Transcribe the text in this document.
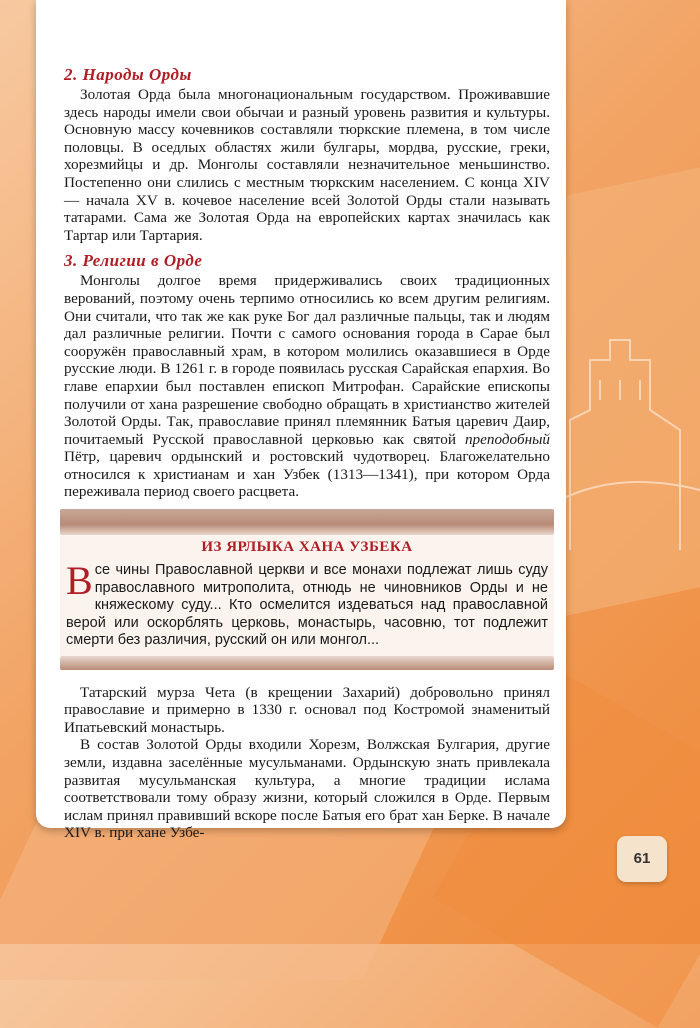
2. Народы Орды

Золотая Орда была многонациональным государством. Проживавшие здесь народы имели свои обычаи и разный уровень развития и культуры. Основную массу кочевников составляли тюркские племена, в том числе половцы. В оседлых областях жили булгары, мордва, русские, греки, хорезмийцы и др. Монголы составляли незначительное меньшинство. Постепенно они слились с местным тюркским населением. С конца XIV — начала XV в. кочевое население всей Золотой Орды стали называть татарами. Сама же Золотая Орда на европейских картах значилась как Тартар или Тартария.

3. Религии в Орде

Монголы долгое время придерживались своих традиционных верований, поэтому очень терпимо относились ко всем другим религиям. Они считали, что так же как руке Бог дал различные пальцы, так и людям дал различные религии. Почти с самого основания города в Сарае был сооружён православный храм, в котором молились оказавшиеся в Орде русские люди. В 1261 г. в городе появилась русская Сарайская епархия. Во главе епархии был поставлен епископ Митрофан. Сарайские епископы получили от хана разрешение свободно обращать в христианство жителей Золотой Орды. Так, православие принял племянник Батыя царевич Даир, почитаемый Русской православной церковью как святой преподобный Пётр, царевич ордынский и ростовский чудотворец. Благожелательно относился к христианам и хан Узбек (1313—1341), при котором Орда переживала период своего расцвета.

ИЗ ЯРЛЫКА ХАНА УЗБЕКА

Все чины Православной церкви и все монахи подлежат лишь суду православного митрополита, отнюдь не чиновников Орды и не княжескому суду... Кто осмелится издеваться над православной верой или оскорблять церковь, монастырь, часовню, тот подлежит смерти без различия, русский он или монгол...

Татарский мурза Чета (в крещении Захарий) добровольно принял православие и примерно в 1330 г. основал под Костромой знаменитый Ипатьевский монастырь.

В состав Золотой Орды входили Хорезм, Волжская Булгария, другие земли, издавна заселённые мусульманами. Ордынскую знать привлекала развитая мусульманская культура, а многие традиции ислама соответствовали тому образу жизни, который сложился в Орде. Первым ислам принял правивший вскоре после Батыя его брат хан Берке. В начале XIV в. при хане Узбе-

61
